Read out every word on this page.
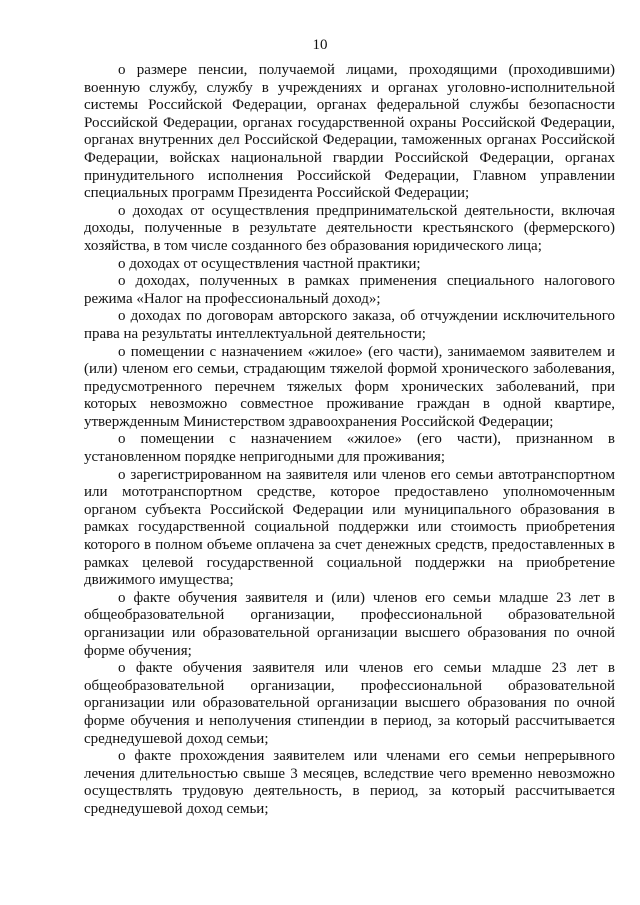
10

о размере пенсии, получаемой лицами, проходящими (проходившими) военную службу, службу в учреждениях и органах уголовно-исполнительной системы Российской Федерации, органах федеральной службы безопасности Российской Федерации, органах государственной охраны Российской Федерации, органах внутренних дел Российской Федерации, таможенных органах Российской Федерации, войсках национальной гвардии Российской Федерации, органах принудительного исполнения Российской Федерации, Главном управлении специальных программ Президента Российской Федерации;

о доходах от осуществления предпринимательской деятельности, включая доходы, полученные в результате деятельности крестьянского (фермерского) хозяйства, в том числе созданного без образования юридического лица;

о доходах от осуществления частной практики;

о доходах, полученных в рамках применения специального налогового режима «Налог на профессиональный доход»;

о доходах по договорам авторского заказа, об отчуждении исключительного права на результаты интеллектуальной деятельности;

о помещении с назначением «жилое» (его части), занимаемом заявителем и (или) членом его семьи, страдающим тяжелой формой хронического заболевания, предусмотренного перечнем тяжелых форм хронических заболеваний, при которых невозможно совместное проживание граждан в одной квартире, утвержденным Министерством здравоохранения Российской Федерации;

о помещении с назначением «жилое» (его части), признанном в установленном порядке непригодными для проживания;

о зарегистрированном на заявителя или членов его семьи автотранспортном или мототранспортном средстве, которое предоставлено уполномоченным органом субъекта Российской Федерации или муниципального образования в рамках государственной социальной поддержки или стоимость приобретения которого в полном объеме оплачена за счет денежных средств, предоставленных в рамках целевой государственной социальной поддержки на приобретение движимого имущества;

о факте обучения заявителя и (или) членов его семьи младше 23 лет в общеобразовательной организации, профессиональной образовательной организации или образовательной организации высшего образования по очной форме обучения;

о факте обучения заявителя или членов его семьи младше 23 лет в общеобразовательной организации, профессиональной образовательной организации или образовательной организации высшего образования по очной форме обучения и неполучения стипендии в период, за который рассчитывается среднедушевой доход семьи;

о факте прохождения заявителем или членами его семьи непрерывного лечения длительностью свыше 3 месяцев, вследствие чего временно невозможно осуществлять трудовую деятельность, в период, за который рассчитывается среднедушевой доход семьи;
